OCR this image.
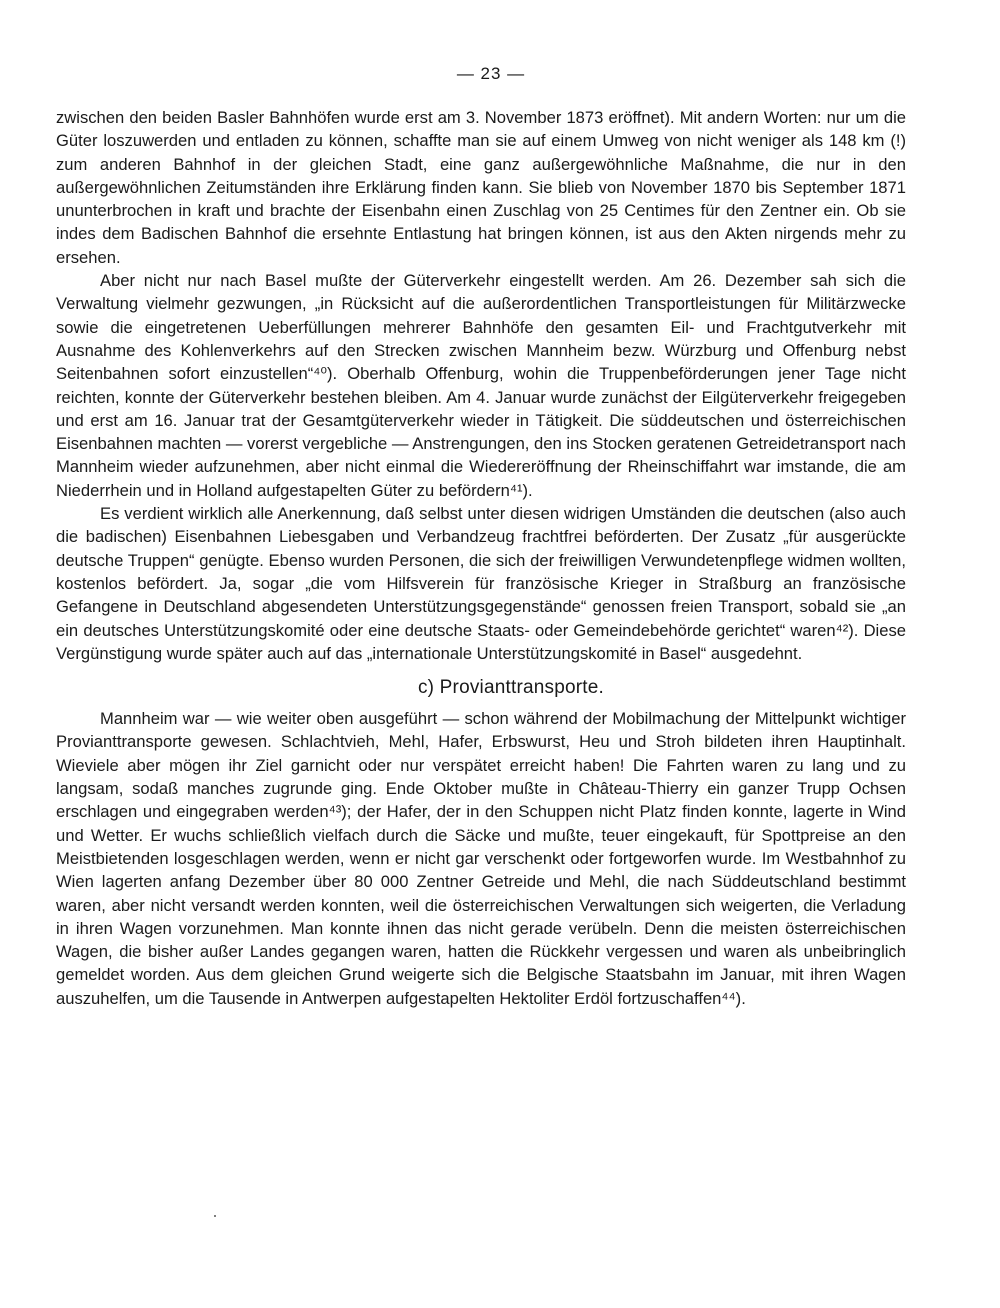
— 23 —

zwischen den beiden Basler Bahnhöfen wurde erst am 3. November 1873 eröffnet). Mit andern Worten: nur um die Güter loszuwerden und entladen zu können, schaffte man sie auf einem Umweg von nicht weniger als 148 km (!) zum anderen Bahnhof in der gleichen Stadt, eine ganz außergewöhnliche Maßnahme, die nur in den außergewöhnlichen Zeitumständen ihre Erklärung finden kann. Sie blieb von November 1870 bis September 1871 ununterbrochen in kraft und brachte der Eisenbahn einen Zuschlag von 25 Centimes für den Zentner ein. Ob sie indes dem Badischen Bahnhof die ersehnte Entlastung hat bringen können, ist aus den Akten nirgends mehr zu ersehen.

Aber nicht nur nach Basel mußte der Güterverkehr eingestellt werden. Am 26. Dezember sah sich die Verwaltung vielmehr gezwungen, „in Rücksicht auf die außerordentlichen Transportleistungen für Militärzwecke sowie die eingetretenen Ueberfüllungen mehrerer Bahnhöfe den gesamten Eil- und Frachtgutverkehr mit Ausnahme des Kohlenverkehrs auf den Strecken zwischen Mannheim bezw. Würzburg und Offenburg nebst Seitenbahnen sofort einzustellen“⁴⁰). Oberhalb Offenburg, wohin die Truppenbeförderungen jener Tage nicht reichten, konnte der Güterverkehr bestehen bleiben. Am 4. Januar wurde zunächst der Eilgüterverkehr freigegeben und erst am 16. Januar trat der Gesamtgüterverkehr wieder in Tätigkeit. Die süddeutschen und österreichischen Eisenbahnen machten — vorerst vergebliche — Anstrengungen, den ins Stocken geratenen Getreidetransport nach Mannheim wieder aufzunehmen, aber nicht einmal die Wiedereröffnung der Rheinschiffahrt war imstande, die am Niederrhein und in Holland aufgestapelten Güter zu befördern⁴¹).

Es verdient wirklich alle Anerkennung, daß selbst unter diesen widrigen Umständen die deutschen (also auch die badischen) Eisenbahnen Liebesgaben und Verbandzeug frachtfrei beförderten. Der Zusatz „für ausgerückte deutsche Truppen“ genügte. Ebenso wurden Personen, die sich der freiwilligen Verwundetenpflege widmen wollten, kostenlos befördert. Ja, sogar „die vom Hilfsverein für französische Krieger in Straßburg an französische Gefangene in Deutschland abgesendeten Unterstützungsgegenstände“ genossen freien Transport, sobald sie „an ein deutsches Unterstützungskomité oder eine deutsche Staats- oder Gemeindebehörde gerichtet“ waren⁴²). Diese Vergünstigung wurde später auch auf das „internationale Unterstützungskomité in Basel“ ausgedehnt.

c) Provianttransporte.

Mannheim war — wie weiter oben ausgeführt — schon während der Mobilmachung der Mittelpunkt wichtiger Provianttransporte gewesen. Schlachtvieh, Mehl, Hafer, Erbswurst, Heu und Stroh bildeten ihren Hauptinhalt. Wieviele aber mögen ihr Ziel garnicht oder nur verspätet erreicht haben! Die Fahrten waren zu lang und zu langsam, sodaß manches zugrunde ging. Ende Oktober mußte in Château-Thierry ein ganzer Trupp Ochsen erschlagen und eingegraben werden⁴³); der Hafer, der in den Schuppen nicht Platz finden konnte, lagerte in Wind und Wetter. Er wuchs schließlich vielfach durch die Säcke und mußte, teuer eingekauft, für Spottpreise an den Meistbietenden losgeschlagen werden, wenn er nicht gar verschenkt oder fortgeworfen wurde. Im Westbahnhof zu Wien lagerten anfang Dezember über 80 000 Zentner Getreide und Mehl, die nach Süddeutschland bestimmt waren, aber nicht versandt werden konnten, weil die österreichischen Verwaltungen sich weigerten, die Verladung in ihren Wagen vorzunehmen. Man konnte ihnen das nicht gerade verübeln. Denn die meisten österreichischen Wagen, die bisher außer Landes gegangen waren, hatten die Rückkehr vergessen und waren als unbeibringlich gemeldet worden. Aus dem gleichen Grund weigerte sich die Belgische Staatsbahn im Januar, mit ihren Wagen auszuhelfen, um die Tausende in Antwerpen aufgestapelten Hektoliter Erdöl fortzuschaffen⁴⁴).
